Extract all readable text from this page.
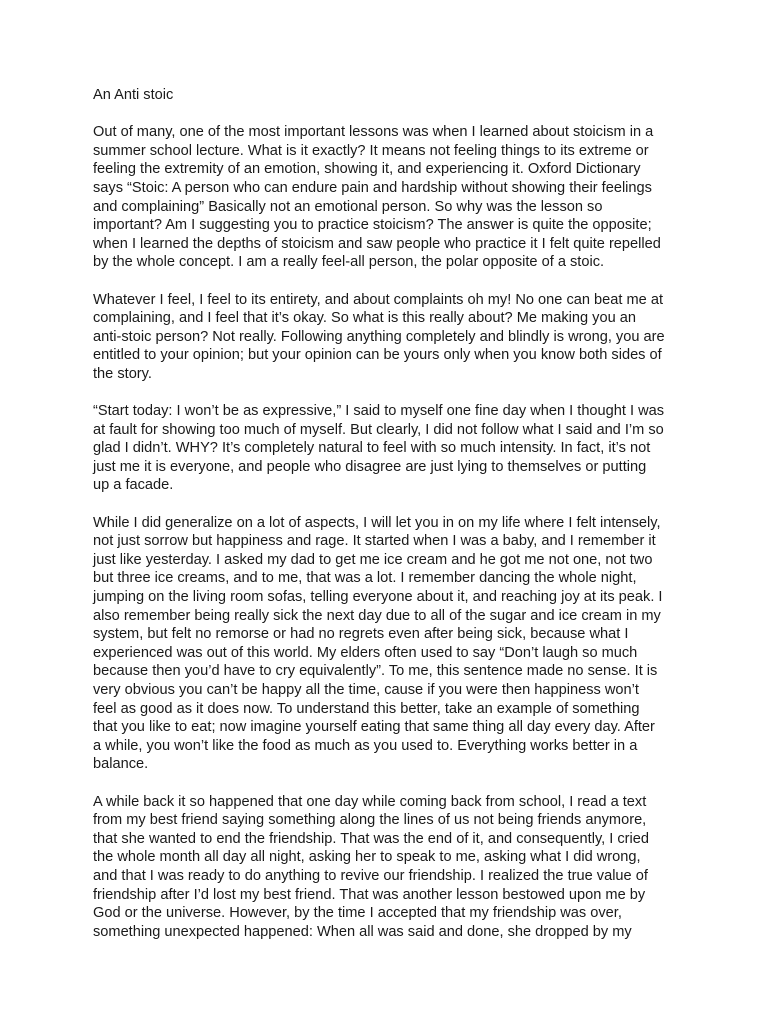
An Anti stoic
Out of many, one of the most important lessons was when I learned about stoicism in a
summer school lecture. What is it exactly? It means not feeling things to its extreme or
feeling the extremity of an emotion, showing it, and experiencing it. Oxford Dictionary
says “Stoic: A person who can endure pain and hardship without showing their feelings
and complaining” Basically not an emotional person. So why was the lesson so
important? Am I suggesting you to practice stoicism? The answer is quite the opposite;
when I learned the depths of stoicism and saw people who practice it I felt quite repelled
by the whole concept. I am a really feel-all person, the polar opposite of a stoic.
Whatever I feel, I feel to its entirety, and about complaints oh my! No one can beat me at
complaining, and I feel that it’s okay. So what is this really about? Me making you an
anti-stoic person? Not really. Following anything completely and blindly is wrong, you are
entitled to your opinion; but your opinion can be yours only when you know both sides of
the story.
“Start today: I won’t be as expressive,” I said to myself one fine day when I thought I was
at fault for showing too much of myself. But clearly, I did not follow what I said and I’m so
glad I didn’t. WHY? It’s completely natural to feel with so much intensity. In fact, it’s not
just me it is everyone, and people who disagree are just lying to themselves or putting
up a facade.
While I did generalize on a lot of aspects, I will let you in on my life where I felt intensely,
not just sorrow but happiness and rage. It started when I was a baby, and I remember it
just like yesterday. I asked my dad to get me ice cream and he got me not one, not two
but three ice creams, and to me, that was a lot. I remember dancing the whole night,
jumping on the living room sofas, telling everyone about it, and reaching joy at its peak. I
also remember being really sick the next day due to all of the sugar and ice cream in my
system, but felt no remorse or had no regrets even after being sick, because what I
experienced was out of this world. My elders often used to say “Don’t laugh so much
because then you’d have to cry equivalently”. To me, this sentence made no sense. It is
very obvious you can’t be happy all the time, cause if you were then happiness won’t
feel as good as it does now. To understand this better, take an example of something
that you like to eat; now imagine yourself eating that same thing all day every day. After
a while, you won’t like the food as much as you used to. Everything works better in a
balance.
A while back it so happened that one day while coming back from school, I read a text
from my best friend saying something along the lines of us not being friends anymore,
that she wanted to end the friendship. That was the end of it, and consequently, I cried
the whole month all day all night, asking her to speak to me, asking what I did wrong,
and that I was ready to do anything to revive our friendship. I realized the true value of
friendship after I’d lost my best friend. That was another lesson bestowed upon me by
God or the universe. However, by the time I accepted that my friendship was over,
something unexpected happened: When all was said and done, she dropped by my
